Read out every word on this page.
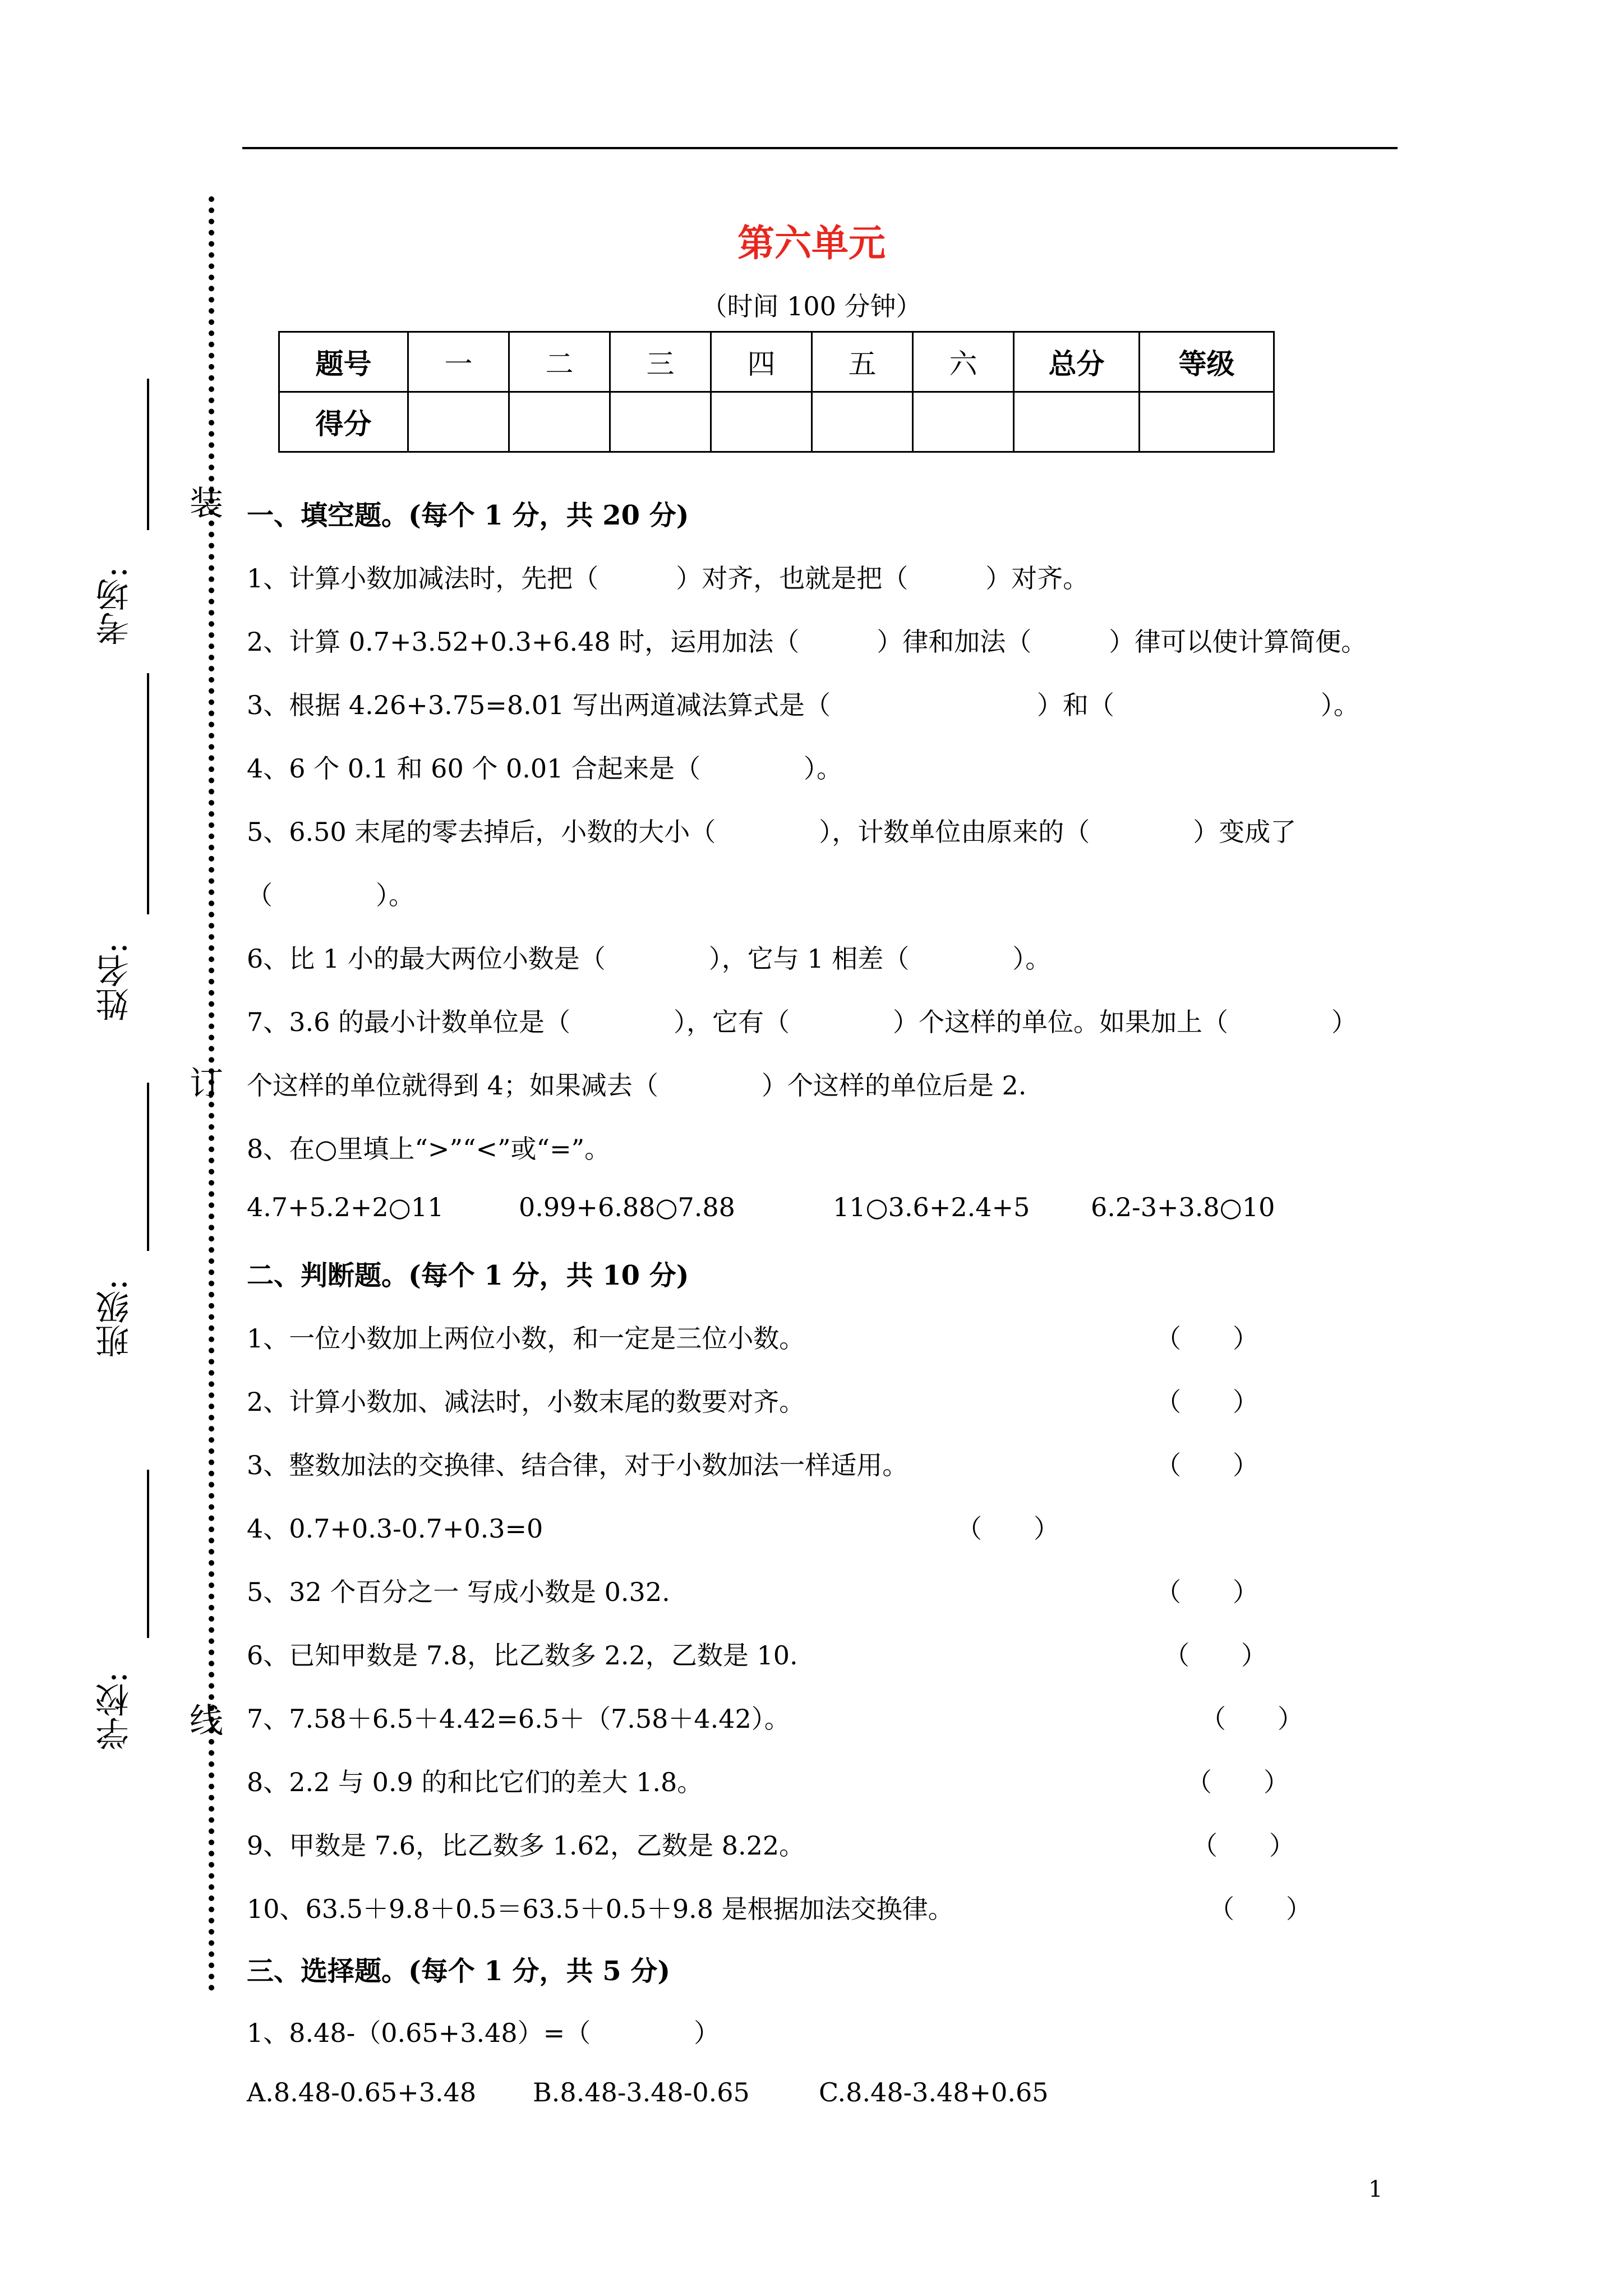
装
订
线
考场:
姓名:
班级:
学校:
第六单元
（时间 100 分钟）
题号	一	二	三	四	五	六	总分	等级
得分								
一、填空题。(每个 1 分，共 20 分)
1、计算小数加减法时，先把（　　　）对齐，也就是把（　　　）对齐。
2、计算 0.7+3.52+0.3+6.48 时，运用加法（　　　）律和加法（　　　）律可以使计算简便。
3、根据 4.26+3.75=8.01 写出两道减法算式是（　　　　　　　　）和（　　　　　　　　）。
4、6 个 0.1 和 60 个 0.01 合起来是（　　　　）。
5、6.50 末尾的零去掉后，小数的大小（　　　　），计数单位由原来的（　　　　）变成了
（　　　　）。
6、比 1 小的最大两位小数是（　　　　），它与 1 相差（　　　　）。
7、3.6 的最小计数单位是（　　　　），它有（　　　　）个这样的单位。如果加上（　　　　）
个这样的单位就得到 4；如果减去（　　　　）个这样的单位后是 2.
8、在○里填上“>”“<”或“=”。
4.7+5.2+2○11	0.99+6.88○7.88	11○3.6+2.4+5 6.2-3+3.8○10
二、判断题。(每个 1 分，共 10 分)
1、一位小数加上两位小数，和一定是三位小数。	（　　）
2、计算小数加、减法时，小数末尾的数要对齐。	（　　）
3、整数加法的交换律、结合律，对于小数加法一样适用。	（　　）
4、0.7+0.3-0.7+0.3=0	（　　）
5、32 个百分之一 写成小数是 0.32.	（　　）
6、已知甲数是 7.8，比乙数多 2.2，乙数是 10.	（　　）
7、7.58＋6.5＋4.42=6.5＋（7.58＋4.42）。	（　　）
8、2.2 与 0.9 的和比它们的差大 1.8。	（　　）
9、甲数是 7.6，比乙数多 1.62，乙数是 8.22。	（　　）
10、63.5＋9.8＋0.5＝63.5＋0.5＋9.8 是根据加法交换律。	（　　）
三、选择题。(每个 1 分，共 5 分)
1、8.48-（0.65+3.48）=（　　　　）
A.8.48-0.65+3.48 B.8.48-3.48-0.65	C.8.48-3.48+0.65
1
